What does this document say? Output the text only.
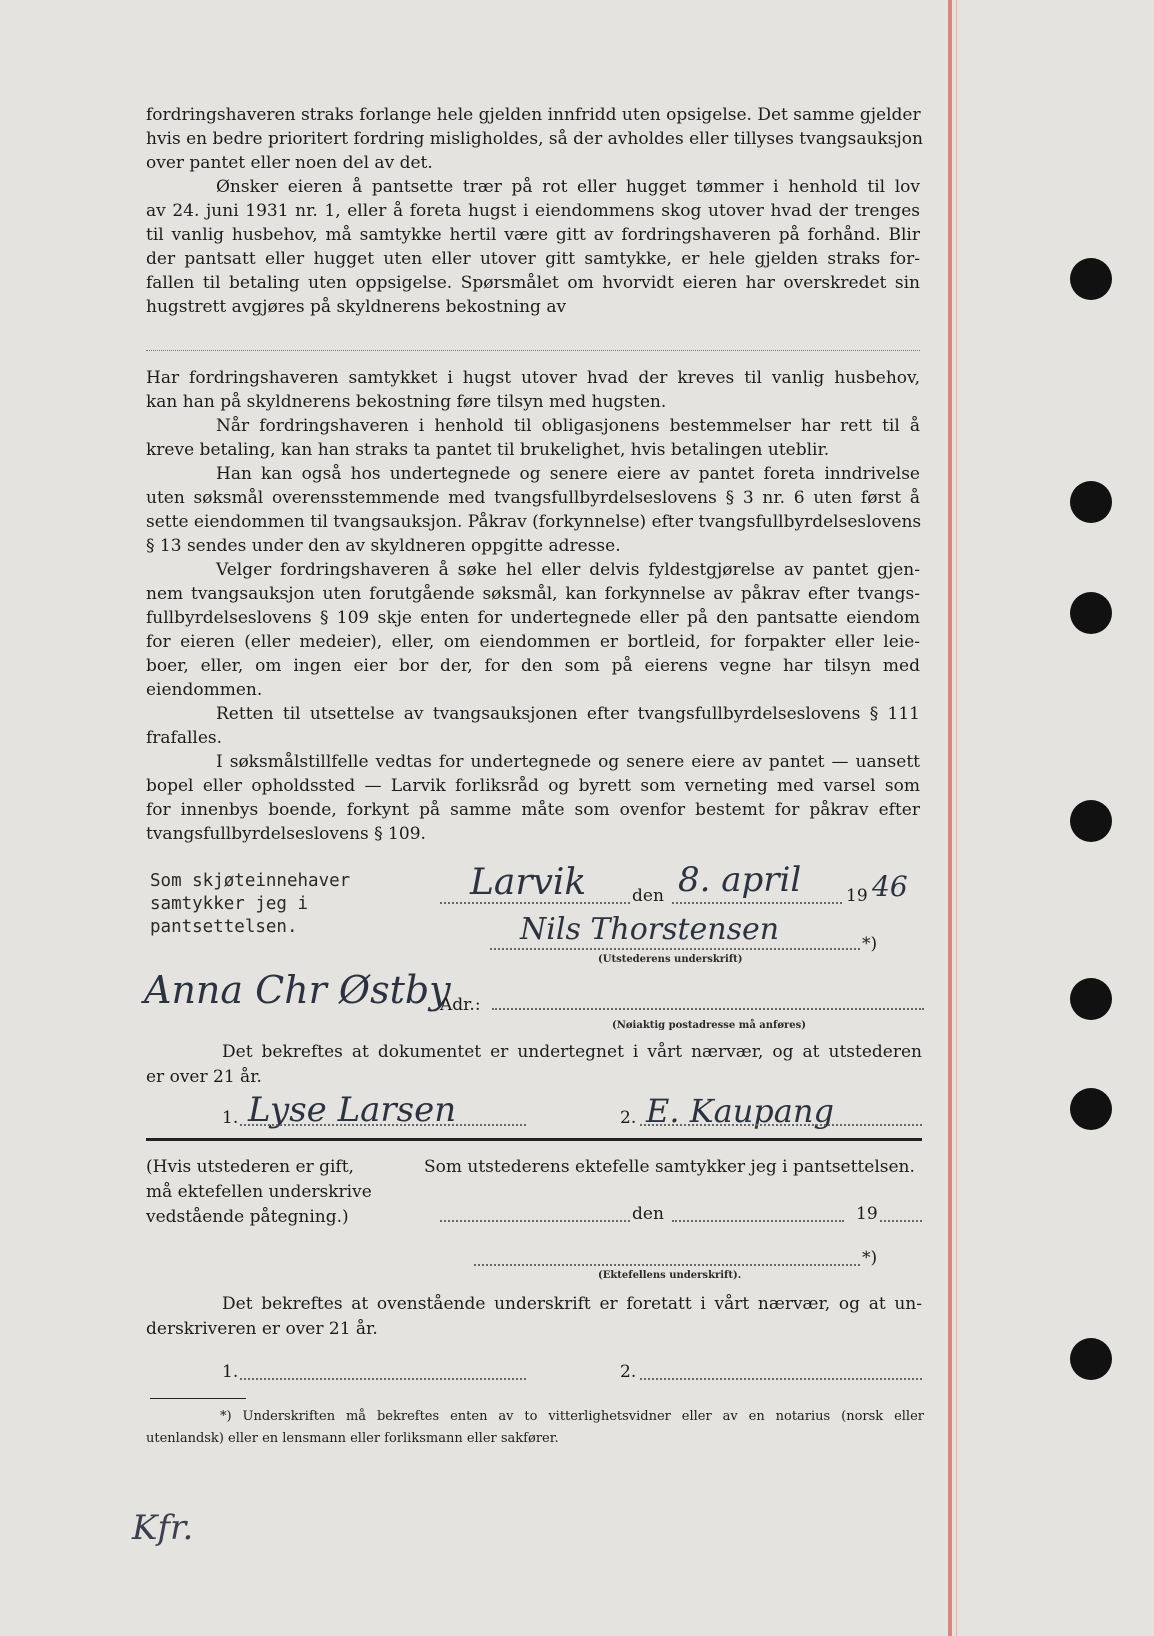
fordringshaveren straks forlange hele gjelden innfridd uten opsigelse. Det samme gjelder
hvis en bedre prioritert fordring misligholdes, så der avholdes eller tillyses tvangsauksjon
over pantet eller noen del av det.
Ønsker eieren å pantsette trær på rot eller hugget tømmer i henhold til lov
av 24. juni 1931 nr. 1, eller å foreta hugst i eiendommens skog utover hvad der trenges
til vanlig husbehov, må samtykke hertil være gitt av fordringshaveren på forhånd. Blir
der pantsatt eller hugget uten eller utover gitt samtykke, er hele gjelden straks for-
fallen til betaling uten oppsigelse. Spørsmålet om hvorvidt eieren har overskredet sin
hugstrett avgjøres på skyldnerens bekostning av
Har fordringshaveren samtykket i hugst utover hvad der kreves til vanlig husbehov,
kan han på skyldnerens bekostning føre tilsyn med hugsten.
Når fordringshaveren i henhold til obligasjonens bestemmelser har rett til å
kreve betaling, kan han straks ta pantet til brukelighet, hvis betalingen uteblir.
Han kan også hos undertegnede og senere eiere av pantet foreta inndrivelse
uten søksmål overensstemmende med tvangsfullbyrdelseslovens § 3 nr. 6 uten først å
sette eiendommen til tvangsauksjon. Påkrav (forkynnelse) efter tvangsfullbyrdelseslovens
§ 13 sendes under den av skyldneren oppgitte adresse.
Velger fordringshaveren å søke hel eller delvis fyldestgjørelse av pantet gjen-
nem tvangsauksjon uten forutgående søksmål, kan forkynnelse av påkrav efter tvangs-
fullbyrdelseslovens § 109 skje enten for undertegnede eller på den pantsatte eiendom
for eieren (eller medeier), eller, om eiendommen er bortleid, for forpakter eller leie-
boer, eller, om ingen eier bor der, for den som på eierens vegne har tilsyn med
eiendommen.
Retten til utsettelse av tvangsauksjonen efter tvangsfullbyrdelseslovens § 111
frafalles.
I søksmålstillfelle vedtas for undertegnede og senere eiere av pantet — uansett
bopel eller opholdssted — Larvik forliksråd og byrett som verneting med varsel som
for innenbys boende, forkynt på samme måte som ovenfor bestemt for påkrav efter
tvangsfullbyrdelseslovens § 109.
Som skjøteinnehaver
samtykker jeg i
pantsettelsen.
Larvik	den 8. april	19 46
Nils Thorstensen	*)
(Utstederens underskrift)
Anna Chr Østby
Adr.:
(Nøiaktig postadresse må anføres)
Det bekreftes at dokumentet er undertegnet i vårt nærvær, og at utstederen
er over 21 år.
1. Lyse Larsen	2. E. Kaupang
(Hvis utstederen er gift,
må ektefellen underskrive
vedstående påtegning.)
Som utstederens ektefelle samtykker jeg i pantsettelsen.
den	19
*)
(Ektefellens underskrift).
Det bekreftes at ovenstående underskrift er foretatt i vårt nærvær, og at un-
derskriveren er over 21 år.
1.	2.
*) Underskriften må bekreftes enten av to vitterlighetsvidner eller av en notarius (norsk eller
utenlandsk) eller en lensmann eller forliksmann eller sakfører.
Kfr.
